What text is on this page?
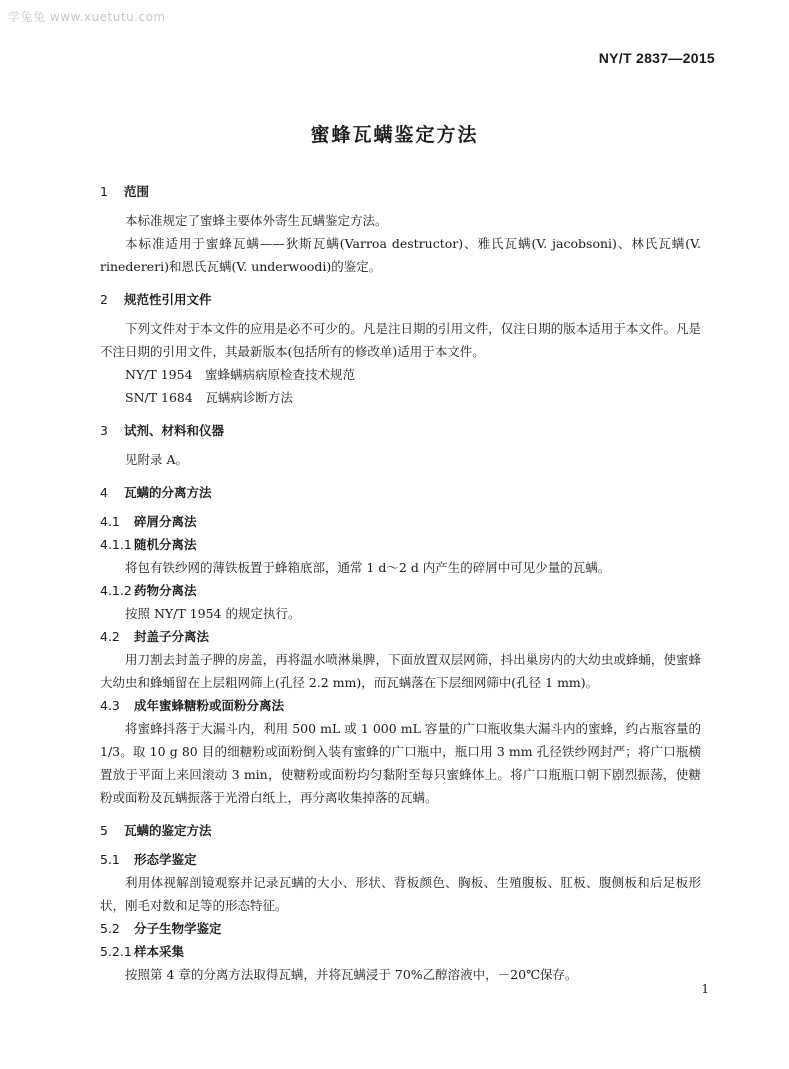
学兔兔 www.xuetutu.com
NY/T 2837—2015
蜜蜂瓦螨鉴定方法
1 范围

本标准规定了蜜蜂主要体外寄生瓦螨鉴定方法。

本标准适用于蜜蜂瓦螨——狄斯瓦螨(Varroa destructor)、雅氏瓦螨(V. jacobsoni)、林氏瓦螨(V. rinedereri)和恩氏瓦螨(V. underwoodi)的鉴定。

2 规范性引用文件

下列文件对于本文件的应用是必不可少的。凡是注日期的引用文件，仅注日期的版本适用于本文件。凡是不注日期的引用文件，其最新版本(包括所有的修改单)适用于本文件。

NY/T 1954　蜜蜂螨病病原检查技术规范

SN/T 1684　瓦螨病诊断方法

3 试剂、材料和仪器

见附录 A。

4 瓦螨的分离方法
4.1 碎屑分离法
4.1.1 随机分离法

将包有铁纱网的薄铁板置于蜂箱底部，通常 1 d～2 d 内产生的碎屑中可见少量的瓦螨。

4.1.2 药物分离法

按照 NY/T 1954 的规定执行。

4.2 封盖子分离法

用刀割去封盖子脾的房盖，再将温水喷淋巢脾，下面放置双层网筛，抖出巢房内的大幼虫或蜂蛹，使蜜蜂大幼虫和蜂蛹留在上层粗网筛上(孔径 2.2 mm)，而瓦螨落在下层细网筛中(孔径 1 mm)。

4.3 成年蜜蜂糖粉或面粉分离法

将蜜蜂抖落于大漏斗内，利用 500 mL 或 1 000 mL 容量的广口瓶收集大漏斗内的蜜蜂，约占瓶容量的 1/3。取 10 g 80 目的细糖粉或面粉倒入装有蜜蜂的广口瓶中，瓶口用 3 mm 孔径铁纱网封严；将广口瓶横置放于平面上来回滚动 3 min，使糖粉或面粉均匀黏附至每只蜜蜂体上。将广口瓶瓶口朝下剧烈振荡，使糖粉或面粉及瓦螨振落于光滑白纸上，再分离收集掉落的瓦螨。

5 瓦螨的鉴定方法
5.1 形态学鉴定

利用体视解剖镜观察并记录瓦螨的大小、形状、背板颜色、胸板、生殖腹板、肛板、腹侧板和后足板形状，刚毛对数和足等的形态特征。

5.2 分子生物学鉴定
5.2.1 样本采集

按照第 4 章的分离方法取得瓦螨，并将瓦螨浸于 70%乙醇溶液中，－20℃保存。

1
